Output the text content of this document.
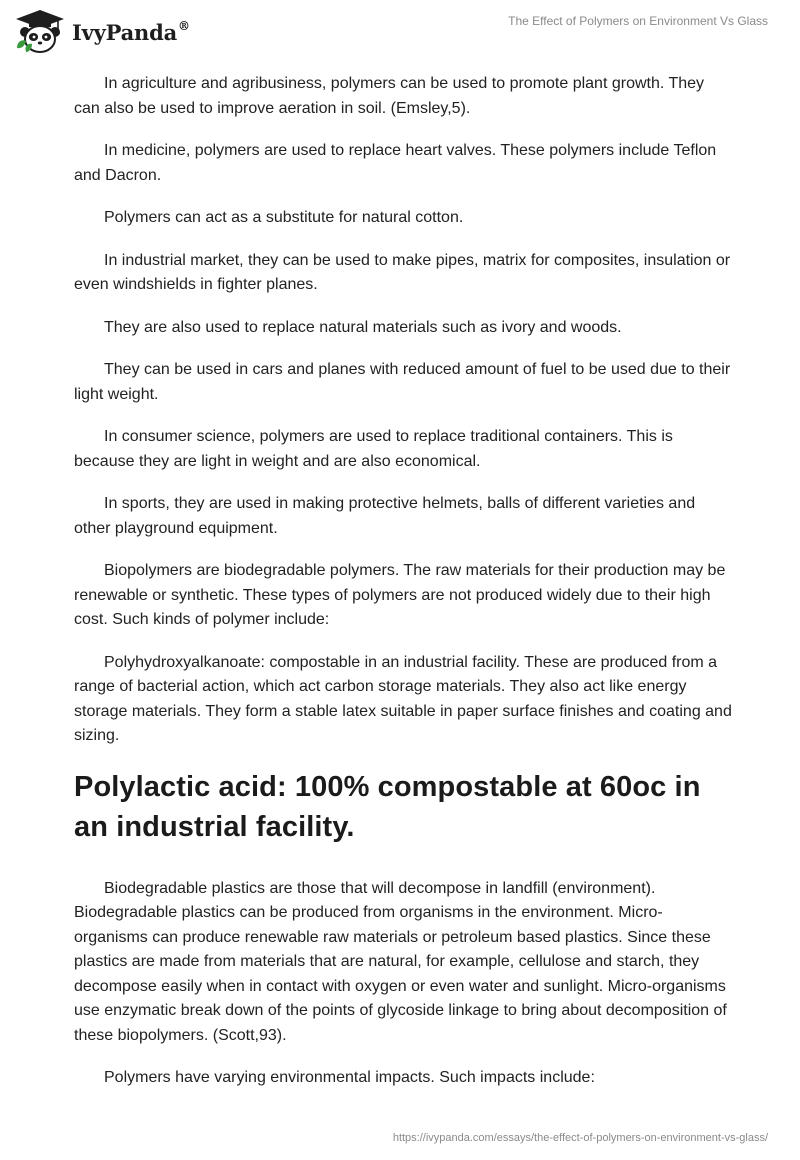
IvyPanda®	The Effect of Polymers on Environment Vs Glass

In agriculture and agribusiness, polymers can be used to promote plant growth. They can also be used to improve aeration in soil. (Emsley,5).

In medicine, polymers are used to replace heart valves. These polymers include Teflon and Dacron.

Polymers can act as a substitute for natural cotton.

In industrial market, they can be used to make pipes, matrix for composites, insulation or even windshields in fighter planes.

They are also used to replace natural materials such as ivory and woods.

They can be used in cars and planes with reduced amount of fuel to be used due to their light weight.

In consumer science, polymers are used to replace traditional containers. This is because they are light in weight and are also economical.

In sports, they are used in making protective helmets, balls of different varieties and other playground equipment.

Biopolymers are biodegradable polymers. The raw materials for their production may be renewable or synthetic. These types of polymers are not produced widely due to their high cost. Such kinds of polymer include:

Polyhydroxyalkanoate: compostable in an industrial facility. These are produced from a range of bacterial action, which act carbon storage materials. They also act like energy storage materials. They form a stable latex suitable in paper surface finishes and coating and sizing.

Polylactic acid: 100% compostable at 60oc in an industrial facility.

Biodegradable plastics are those that will decompose in landfill (environment). Biodegradable plastics can be produced from organisms in the environment. Micro-organisms can produce renewable raw materials or petroleum based plastics. Since these plastics are made from materials that are natural, for example, cellulose and starch, they decompose easily when in contact with oxygen or even water and sunlight. Micro-organisms use enzymatic break down of the points of glycoside linkage to bring about decomposition of these biopolymers. (Scott,93).

Polymers have varying environmental impacts. Such impacts include:

https://ivypanda.com/essays/the-effect-of-polymers-on-environment-vs-glass/
